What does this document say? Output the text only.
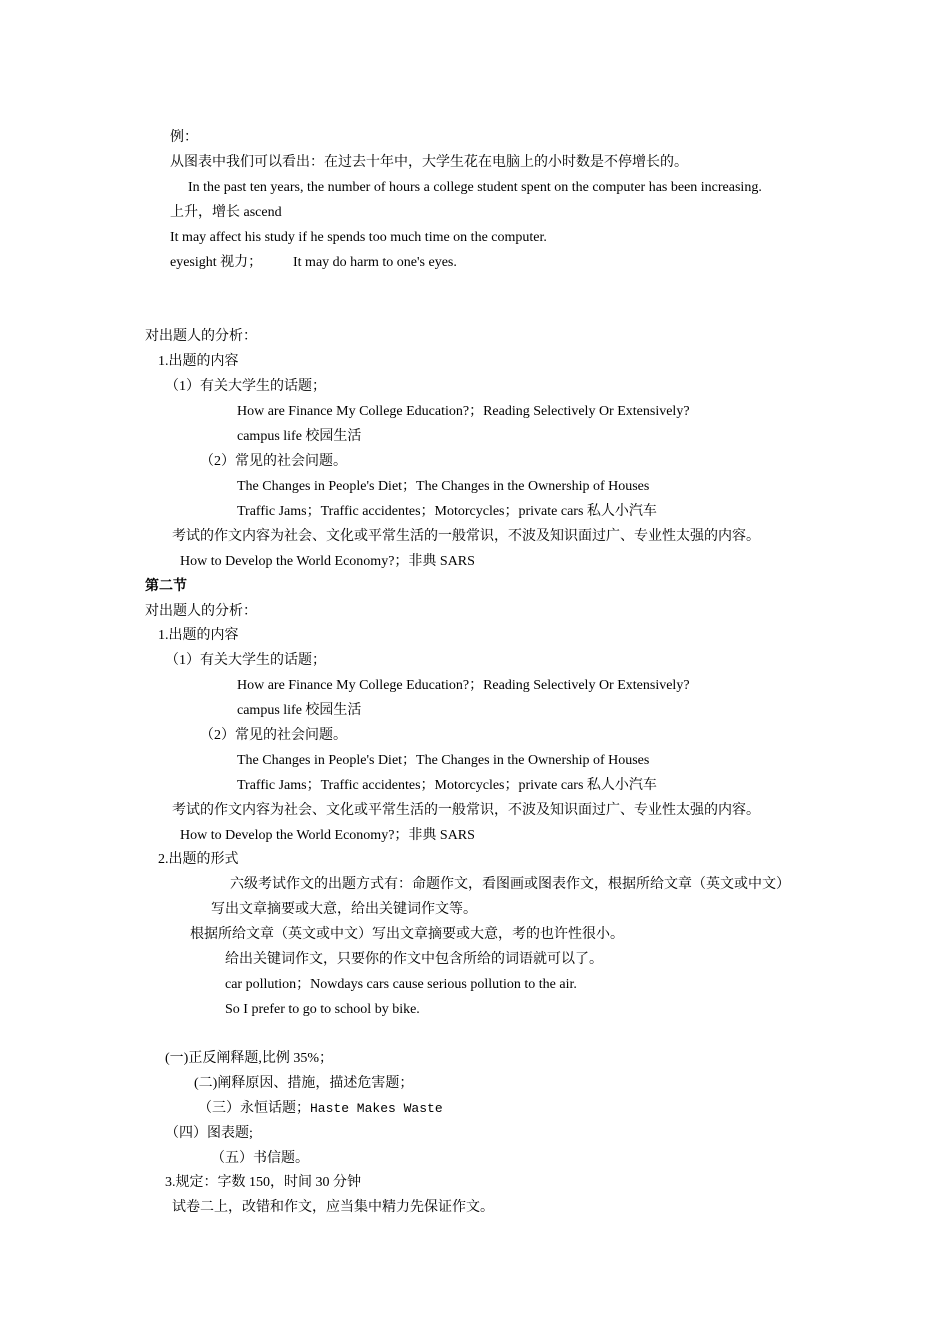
例：
从图表中我们可以看出：在过去十年中，大学生花在电脑上的小时数是不停增长的。
In the past ten years, the number of hours a college student spent on the computer has been increasing.
上升，增长 ascend
It may affect his study if he spends too much time on the computer.
eyesight 视力； It may do harm to one's eyes.
对出题人的分析：
1.出题的内容
（1）有关大学生的话题；
How are Finance My College Education?；Reading Selectively Or Extensively?
campus life 校园生活
（2）常见的社会问题。
The Changes in People's Diet；The Changes in the Ownership of Houses
Traffic Jams；Traffic accidentes；Motorcycles；private cars 私人小汽车
考试的作文内容为社会、文化或平常生活的一般常识，不波及知识面过广、专业性太强的内容。
How to Develop the World Economy?；非典 SARS
第二节
对出题人的分析：
1.出题的内容
（1）有关大学生的话题；
How are Finance My College Education?；Reading Selectively Or Extensively?
campus life 校园生活
（2）常见的社会问题。
The Changes in People's Diet；The Changes in the Ownership of Houses
Traffic Jams；Traffic accidentes；Motorcycles；private cars 私人小汽车
考试的作文内容为社会、文化或平常生活的一般常识，不波及知识面过广、专业性太强的内容。
How to Develop the World Economy?；非典 SARS
2.出题的形式
六级考试作文的出题方式有：命题作文，看图画或图表作文，根据所给文章（英文或中文）
写出文章摘要或大意，给出关键词作文等。
根据所给文章（英文或中文）写出文章摘要或大意，考的也许性很小。
给出关键词作文，只要你的作文中包含所给的词语就可以了。
car pollution；Nowdays cars cause serious pollution to the air.
So I prefer to go to school by bike.
(一)正反阐释题,比例 35%；
(二)阐释原因、措施，描述危害题；
（三）永恒话题；Haste Makes Waste
（四）图表题;
（五）书信题。
3.规定：字数 150，时间 30 分钟
试卷二上，改错和作文，应当集中精力先保证作文。
